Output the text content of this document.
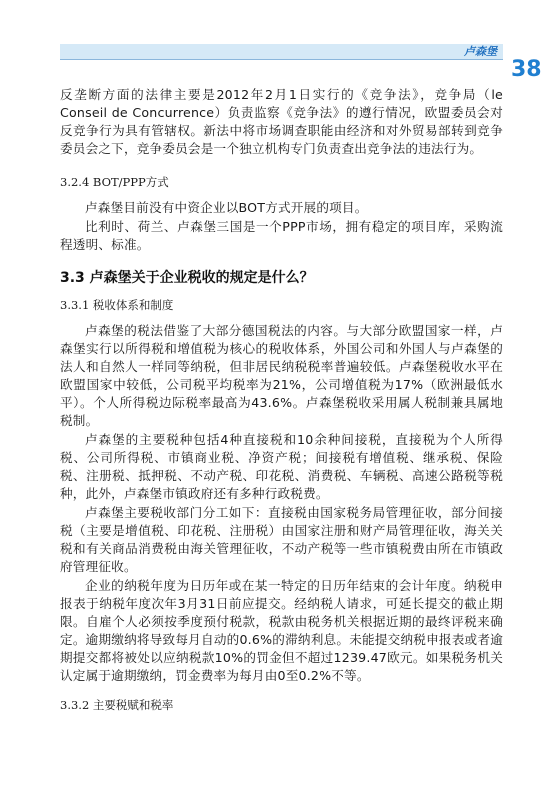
卢森堡
38

反垄断方面的法律主要是2012年2月1日实行的《竞争法》，竞争局（le Conseil de Concurrence）负责监察《竞争法》的遵行情况，欧盟委员会对反竞争行为具有管辖权。新法中将市场调查职能由经济和对外贸易部转到竞争委员会之下，竞争委员会是一个独立机构专门负责查出竞争法的违法行为。

3.2.4 BOT/PPP方式

卢森堡目前没有中资企业以BOT方式开展的项目。

比利时、荷兰、卢森堡三国是一个PPP市场，拥有稳定的项目库，采购流程透明、标准。

3.3 卢森堡关于企业税收的规定是什么？

3.3.1 税收体系和制度

卢森堡的税法借鉴了大部分德国税法的内容。与大部分欧盟国家一样，卢森堡实行以所得税和增值税为核心的税收体系，外国公司和外国人与卢森堡的法人和自然人一样同等纳税，但非居民纳税税率普遍较低。卢森堡税收水平在欧盟国家中较低，公司税平均税率为21%，公司增值税为17%（欧洲最低水平）。个人所得税边际税率最高为43.6%。卢森堡税收采用属人税制兼具属地税制。

卢森堡的主要税种包括4种直接税和10余种间接税，直接税为个人所得税、公司所得税、市镇商业税、净资产税；间接税有增值税、继承税、保险税、注册税、抵押税、不动产税、印花税、消费税、车辆税、高速公路税等税种，此外，卢森堡市镇政府还有多种行政税费。

卢森堡主要税收部门分工如下：直接税由国家税务局管理征收，部分间接税（主要是增值税、印花税、注册税）由国家注册和财产局管理征收，海关关税和有关商品消费税由海关管理征收，不动产税等一些市镇税费由所在市镇政府管理征收。

企业的纳税年度为日历年或在某一特定的日历年结束的会计年度。纳税申报表于纳税年度次年3月31日前应提交。经纳税人请求，可延长提交的截止期限。自雇个人必须按季度预付税款，税款由税务机关根据近期的最终评税来确定。逾期缴纳将导致每月自动的0.6%的滞纳利息。未能提交纳税申报表或者逾期提交都将被处以应纳税款10%的罚金但不超过1239.47欧元。如果税务机关认定属于逾期缴纳，罚金费率为每月由0至0.2%不等。

3.3.2 主要税赋和税率
